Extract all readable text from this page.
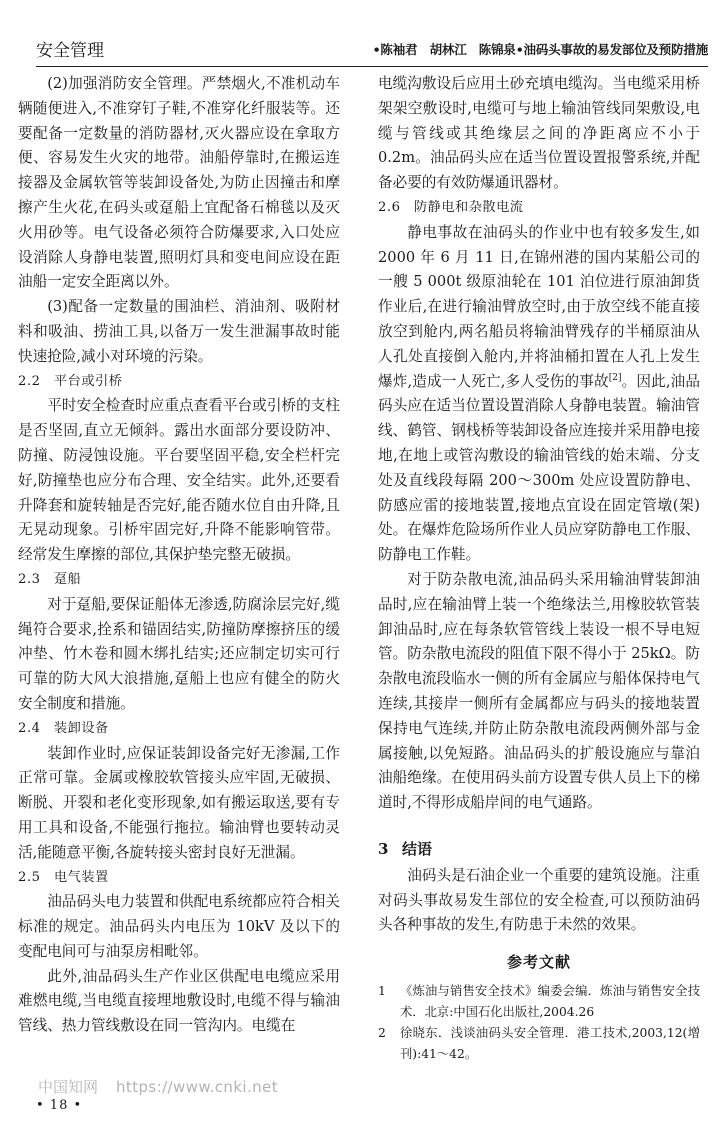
安全管理	•陈袖君　胡林江　陈锦泉•油码头事故的易发部位及预防措施

(2)加强消防安全管理。严禁烟火,不准机动车辆随便进入,不准穿钉子鞋,不准穿化纤服装等。还要配备一定数量的消防器材,灭火器应设在拿取方便、容易发生火灾的地带。油船停靠时,在搬运连接器及金属软管等装卸设备处,为防止因撞击和摩擦产生火花,在码头或趸船上宜配备石棉毯以及灭火用砂等。电气设备必须符合防爆要求,入口处应设消除人身静电装置,照明灯具和变电间应设在距油船一定安全距离以外。

(3)配备一定数量的围油栏、消油剂、吸附材料和吸油、捞油工具,以备万一发生泄漏事故时能快速抢险,减小对环境的污染。

2.2 平台或引桥

平时安全检查时应重点查看平台或引桥的支柱是否坚固,直立无倾斜。露出水面部分要设防冲、防撞、防浸蚀设施。平台要坚固平稳,安全栏杆完好,防撞垫也应分布合理、安全结实。此外,还要看升降套和旋转轴是否完好,能否随水位自由升降,且无晃动现象。引桥牢固完好,升降不能影响管带。经常发生摩擦的部位,其保护垫完整无破损。

2.3 趸船

对于趸船,要保证船体无渗透,防腐涂层完好,缆绳符合要求,拴系和锚固结实,防撞防摩擦挤压的缓冲垫、竹木卷和圆木绑扎结实;还应制定切实可行可靠的防大风大浪措施,趸船上也应有健全的防火安全制度和措施。

2.4 装卸设备

装卸作业时,应保证装卸设备完好无渗漏,工作正常可靠。金属或橡胶软管接头应牢固,无破损、断脱、开裂和老化变形现象,如有搬运取送,要有专用工具和设备,不能强行拖拉。输油臂也要转动灵活,能随意平衡,各旋转接头密封良好无泄漏。

2.5 电气装置

油品码头电力装置和供配电系统都应符合相关标准的规定。油品码头内电压为 10kV 及以下的变配电间可与油泵房相毗邻。

此外,油品码头生产作业区供配电电缆应采用难燃电缆,当电缆直接埋地敷设时,电缆不得与输油管线、热力管线敷设在同一管沟内。电缆在

电缆沟敷设后应用土砂充填电缆沟。当电缆采用桥架架空敷设时,电缆可与地上输油管线同架敷设,电缆与管线或其绝缘层之间的净距离应不小于 0.2m。油品码头应在适当位置设置报警系统,并配备必要的有效防爆通讯器材。

2.6 防静电和杂散电流

静电事故在油码头的作业中也有较多发生,如 2000 年 6 月 11 日,在锦州港的国内某船公司的一艘 5 000t 级原油轮在 101 泊位进行原油卸货作业后,在进行输油臂放空时,由于放空线不能直接放空到舱内,两名船员将输油臂残存的半桶原油从人孔处直接倒入舱内,并将油桶扣置在人孔上发生爆炸,造成一人死亡,多人受伤的事故[2]。因此,油品码头应在适当位置设置消除人身静电装置。输油管线、鹤管、钢栈桥等装卸设备应连接并采用静电接地,在地上或管沟敷设的输油管线的始末端、分支处及直线段每隔 200～300m 处应设置防静电、防感应雷的接地装置,接地点宜设在固定管墩(架)处。在爆炸危险场所作业人员应穿防静电工作服、防静电工作鞋。

对于防杂散电流,油品码头采用输油臂装卸油品时,应在输油臂上装一个绝缘法兰,用橡胶软管装卸油品时,应在每条软管管线上装设一根不导电短管。防杂散电流段的阻值下限不得小于 25kΩ。防杂散电流段临水一侧的所有金属应与船体保持电气连续,其接岸一侧所有金属都应与码头的接地装置保持电气连续,并防止防杂散电流段两侧外部与金属接触,以免短路。油品码头的扩般设施应与靠泊油船绝缘。在使用码头前方设置专供人员上下的梯道时,不得形成船岸间的电气通路。

3 结语

油码头是石油企业一个重要的建筑设施。注重对码头事故易发生部位的安全检查,可以预防油码头各种事故的发生,有防患于未然的效果。

参考文献
1 《炼油与销售安全技术》编委会编．炼油与销售安全技术．北京:中国石化出版社,2004.26
2 徐晓东．浅谈油码头安全管理．港工技术,2003,12(增刊):41～42。
中国知网 https://www.cnki.net
• 18 •
